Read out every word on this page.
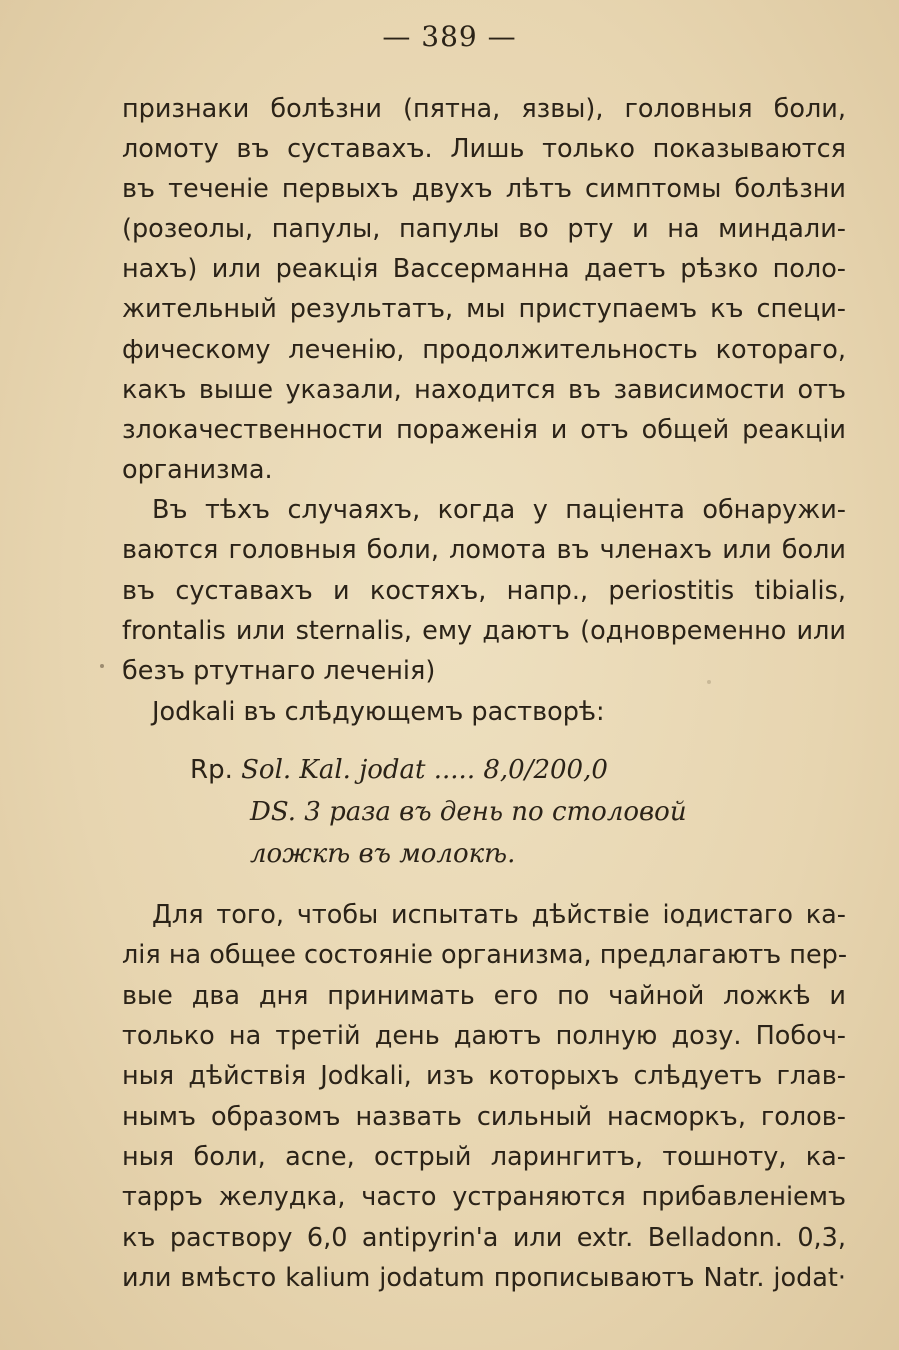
— 389 —
признаки болѣзни (пятна, язвы), головныя боли,
ломоту въ суставахъ. Лишь только показываются
въ теченіе первыхъ двухъ лѣтъ симптомы болѣзни
(розеолы, папулы, папулы во рту и на миндали-
нахъ) или реакція Вассерманна даетъ рѣзко поло-
жительный результатъ, мы приступаемъ къ специ-
фическому леченію, продолжительность котораго,
какъ выше указали, находится въ зависимости отъ
злокачественности пораженія и отъ общей реакціи
организма.
Въ тѣхъ случаяхъ, когда у паціента обнаружи-
ваются головныя боли, ломота въ членахъ или боли
въ суставахъ и костяхъ, напр., periostitis tibialis,
frontalis или sternalis, ему даютъ (одновременно или
безъ ртутнаго леченія)
Jodkali въ слѣдующемъ растворѣ:
Rp. Sol. Kal. jodat ..... 8,0/200,0
DS. 3 раза въ день по столовой
ложкѣ въ молокѣ.
Для того, чтобы испытать дѣйствіе іодистаго ка-
лія на общее состояніе организма, предлагаютъ пер-
вые два дня принимать его по чайной ложкѣ и
только на третій день даютъ полную дозу. Побоч-
ныя дѣйствія Jodkali, изъ которыхъ слѣдуетъ глав-
нымъ образомъ назвать сильный насморкъ, голов-
ныя боли, acne, острый ларингитъ, тошноту, ка-
тарръ желудка, часто устраняются прибавленіемъ
къ раствору 6,0 antipyrin'a или extr. Belladonn. 0,3,
или вмѣсто kalium jodatum прописываютъ Natr. jodat·
